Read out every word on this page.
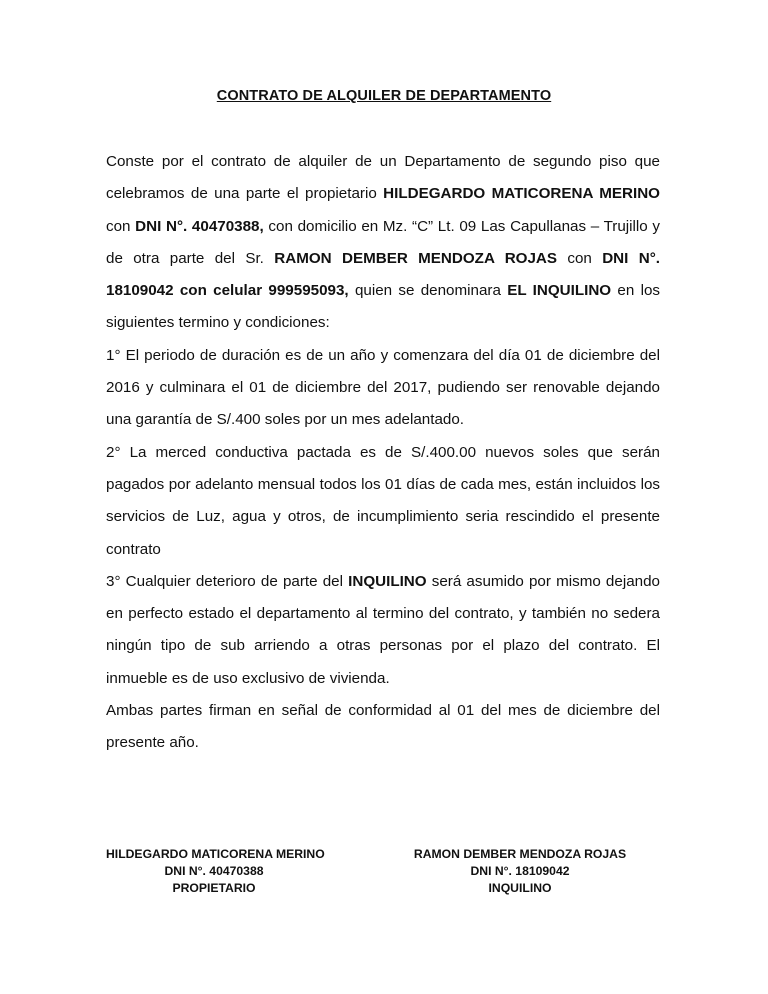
CONTRATO DE ALQUILER DE DEPARTAMENTO

Conste por el contrato de alquiler de un Departamento de segundo piso que celebramos de una parte el propietario HILDEGARDO MATICORENA MERINO con DNI N°. 40470388, con domicilio en Mz. “C” Lt. 09 Las Capullanas – Trujillo y de otra parte del Sr. RAMON DEMBER MENDOZA ROJAS con DNI N°. 18109042 con celular 999595093, quien se denominara EL INQUILINO en los siguientes termino y condiciones:

1° El periodo de duración es de un año y comenzara del día 01 de diciembre del 2016 y culminara el 01 de diciembre del 2017, pudiendo ser renovable dejando una garantía de S/.400 soles por un mes adelantado.

2° La merced conductiva pactada es de S/.400.00 nuevos soles que serán pagados por adelanto mensual todos los 01 días de cada mes, están incluidos los servicios de Luz, agua y otros, de incumplimiento seria rescindido el presente contrato

3° Cualquier deterioro de parte del INQUILINO será asumido por mismo dejando en perfecto estado el departamento al termino del contrato, y también no sedera ningún tipo de sub arriendo a otras personas por el plazo del contrato. El inmueble es de uso exclusivo de vivienda.

Ambas partes firman en señal de conformidad al 01 del mes de diciembre del presente año.

HILDEGARDO MATICORENA MERINO
DNI N°. 40470388
PROPIETARIO
RAMON DEMBER MENDOZA ROJAS
DNI N°. 18109042
INQUILINO
